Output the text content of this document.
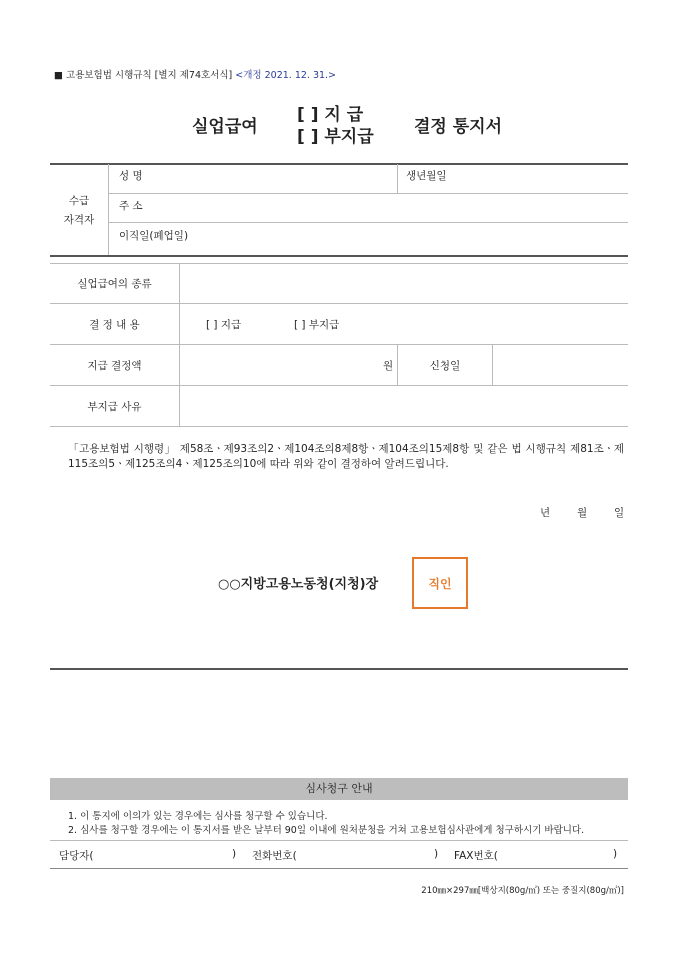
■ 고용보험법 시행규칙 [별지 제74호서식] <개정 2021. 12. 31.>
실업급여
[ ] 지 급
[ ] 부지급 결정 통지서
수급
자격자
성 명	생년월일
주 소
이직일(폐업일)
실업급여의 종류
결 정 내 용	[ ] 지급	[ ] 부지급
지급 결정액	원	신청일
부지급 사유
「고용보험법 시행령」 제58조ㆍ제93조의2ㆍ제104조의8제8항ㆍ제104조의15제8항 및 같은 법 시행규칙 제81조ㆍ제115조의5ㆍ제125조의4ㆍ제125조의10에 따라 위와 같이 결정하여 알려드립니다.
년	월	일
○○지방고용노동청(지청)장	직인
심사청구 안내
1. 이 통지에 이의가 있는 경우에는 심사를 청구할 수 있습니다.
2. 심사를 청구할 경우에는 이 통지서를 받은 날부터 90일 이내에 원처분청을 거쳐 고용보험심사관에게 청구하시기 바랍니다.
담당자(	) 전화번호(	) FAX번호(	)
210㎜×297㎜[백상지(80g/㎡) 또는 중질지(80g/㎡)]
